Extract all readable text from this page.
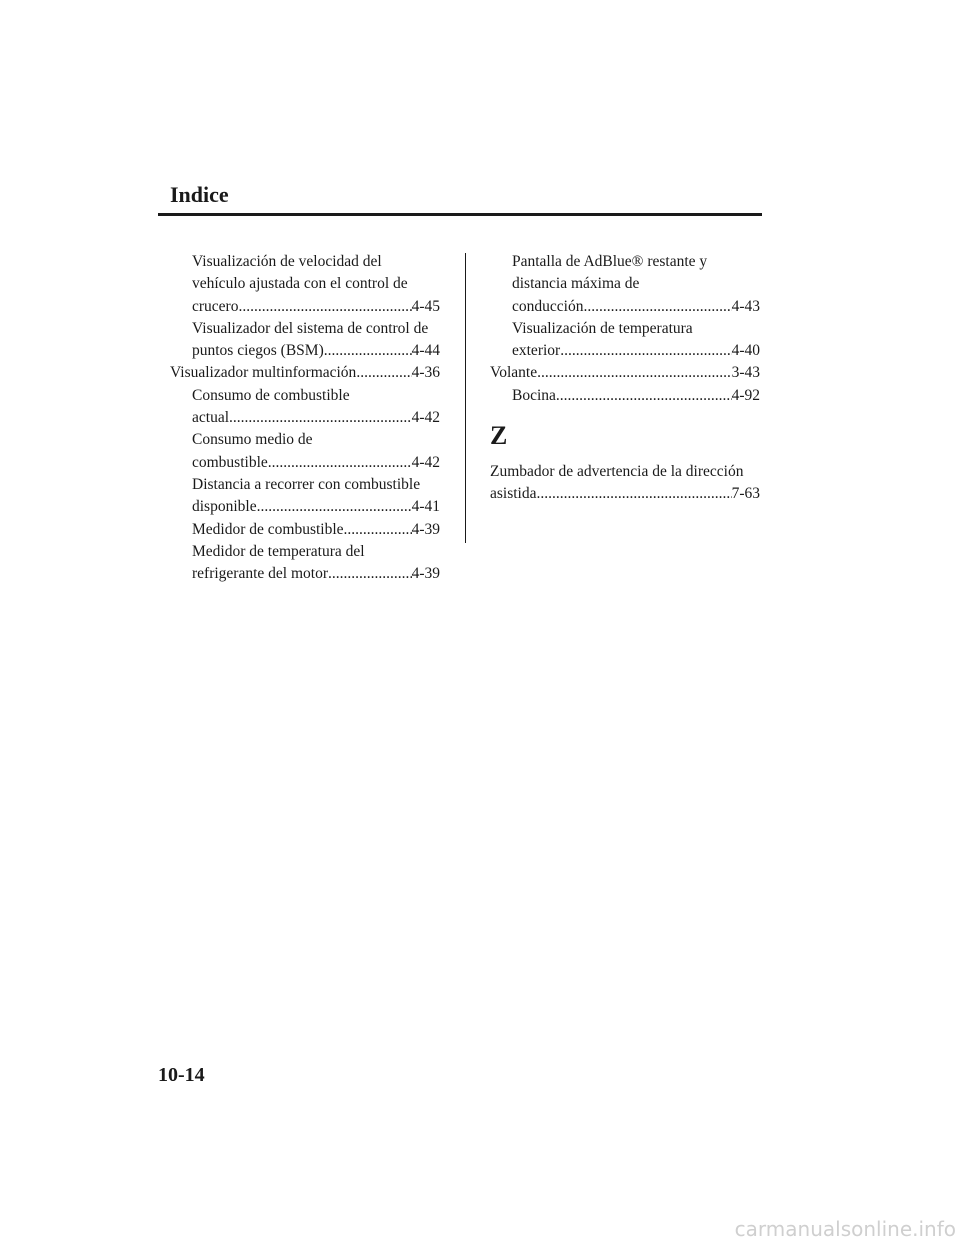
Indice
Visualización de velocidad del
vehículo ajustada con el control de
crucero .....	4-45
Visualizador del sistema de control de
puntos ciegos (BSM) .....	4-44
Visualizador multinformación .....	4-36
Consumo de combustible
actual .....	4-42
Consumo medio de
combustible .....	4-42
Distancia a recorrer con combustible
disponible .....	4-41
Medidor de combustible .....	4-39
Medidor de temperatura del
refrigerante del motor .....	4-39
Pantalla de AdBlue® restante y
distancia máxima de
conducción .....	4-43
Visualización de temperatura
exterior .....	4-40
Volante .....	3-43
Bocina .....	4-92
Z
Zumbador de advertencia de la dirección
asistida .....	7-63
10-14
carmanualsonline.info
